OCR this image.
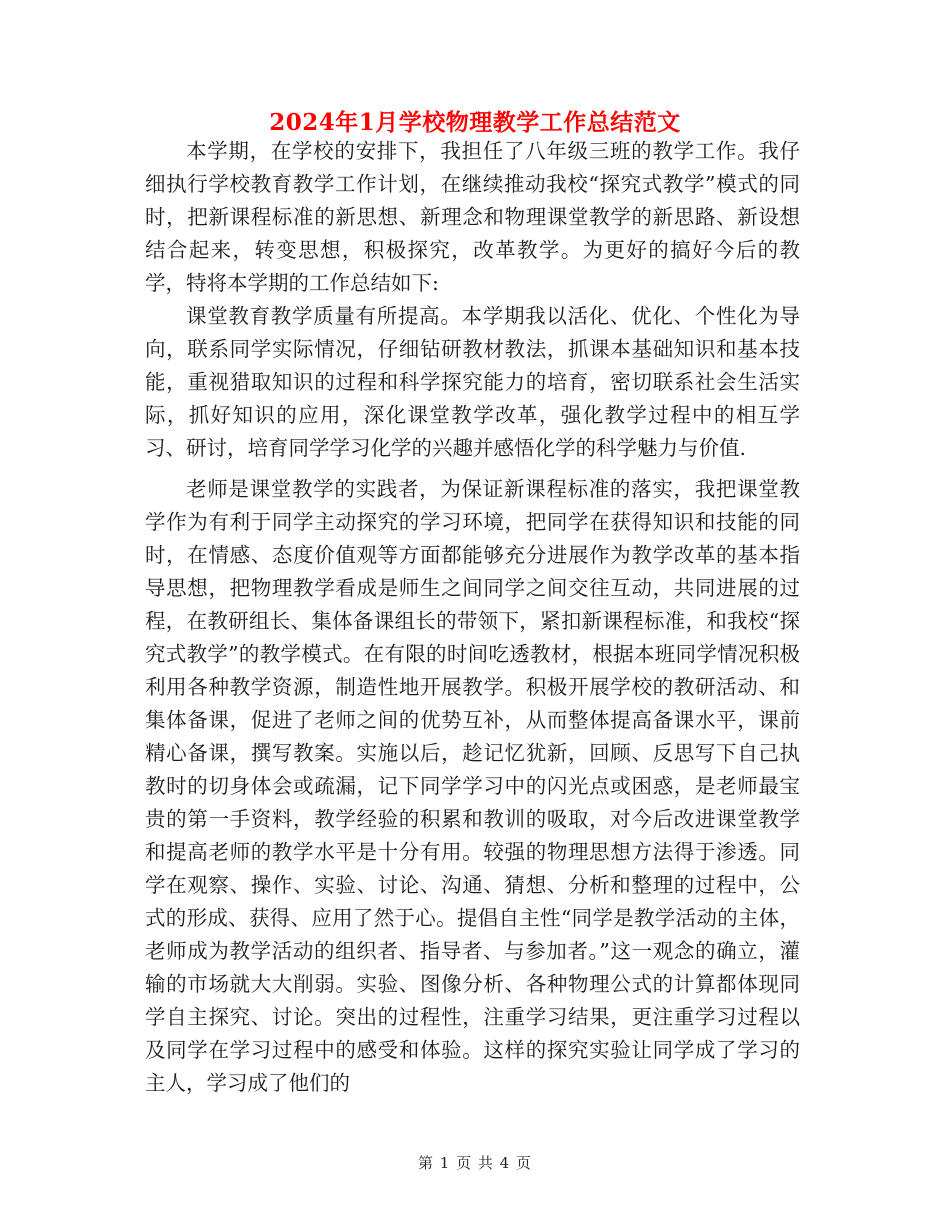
2024年1月学校物理教学工作总结范文

本学期，在学校的安排下，我担任了八年级三班的教学工作。我仔细执行学校教育教学工作计划，在继续推动我校“探究式教学”模式的同时，把新课程标准的新思想、新理念和物理课堂教学的新思路、新设想结合起来，转变思想，积极探究，改革教学。为更好的搞好今后的教学，特将本学期的工作总结如下:

课堂教育教学质量有所提高。本学期我以活化、优化、个性化为导向，联系同学实际情况，仔细钻研教材教法，抓课本基础知识和基本技能，重视猎取知识的过程和科学探究能力的培育，密切联系社会生活实际，抓好知识的应用，深化课堂教学改革，强化教学过程中的相互学习、研讨，培育同学学习化学的兴趣并感悟化学的科学魅力与价值.

老师是课堂教学的实践者，为保证新课程标准的落实，我把课堂教学作为有利于同学主动探究的学习环境，把同学在获得知识和技能的同时，在情感、态度价值观等方面都能够充分进展作为教学改革的基本指导思想，把物理教学看成是师生之间同学之间交往互动，共同进展的过程，在教研组长、集体备课组长的带领下，紧扣新课程标准，和我校“探究式教学”的教学模式。在有限的时间吃透教材，根据本班同学情况积极利用各种教学资源，制造性地开展教学。积极开展学校的教研活动、和集体备课，促进了老师之间的优势互补，从而整体提高备课水平，课前精心备课，撰写教案。实施以后，趁记忆犹新，回顾、反思写下自己执教时的切身体会或疏漏，记下同学学习中的闪光点或困惑，是老师最宝贵的第一手资料，教学经验的积累和教训的吸取，对今后改进课堂教学和提高老师的教学水平是十分有用。较强的物理思想方法得于渗透。同学在观察、操作、实验、讨论、沟通、猜想、分析和整理的过程中，公式的形成、获得、应用了然于心。提倡自主性“同学是教学活动的主体，老师成为教学活动的组织者、指导者、与参加者。”这一观念的确立，灌输的市场就大大削弱。实验、图像分析、各种物理公式的计算都体现同学自主探究、讨论。突出的过程性，注重学习结果，更注重学习过程以及同学在学习过程中的感受和体验。这样的探究实验让同学成了学习的主人，学习成了他们的

第 1 页 共 4 页
